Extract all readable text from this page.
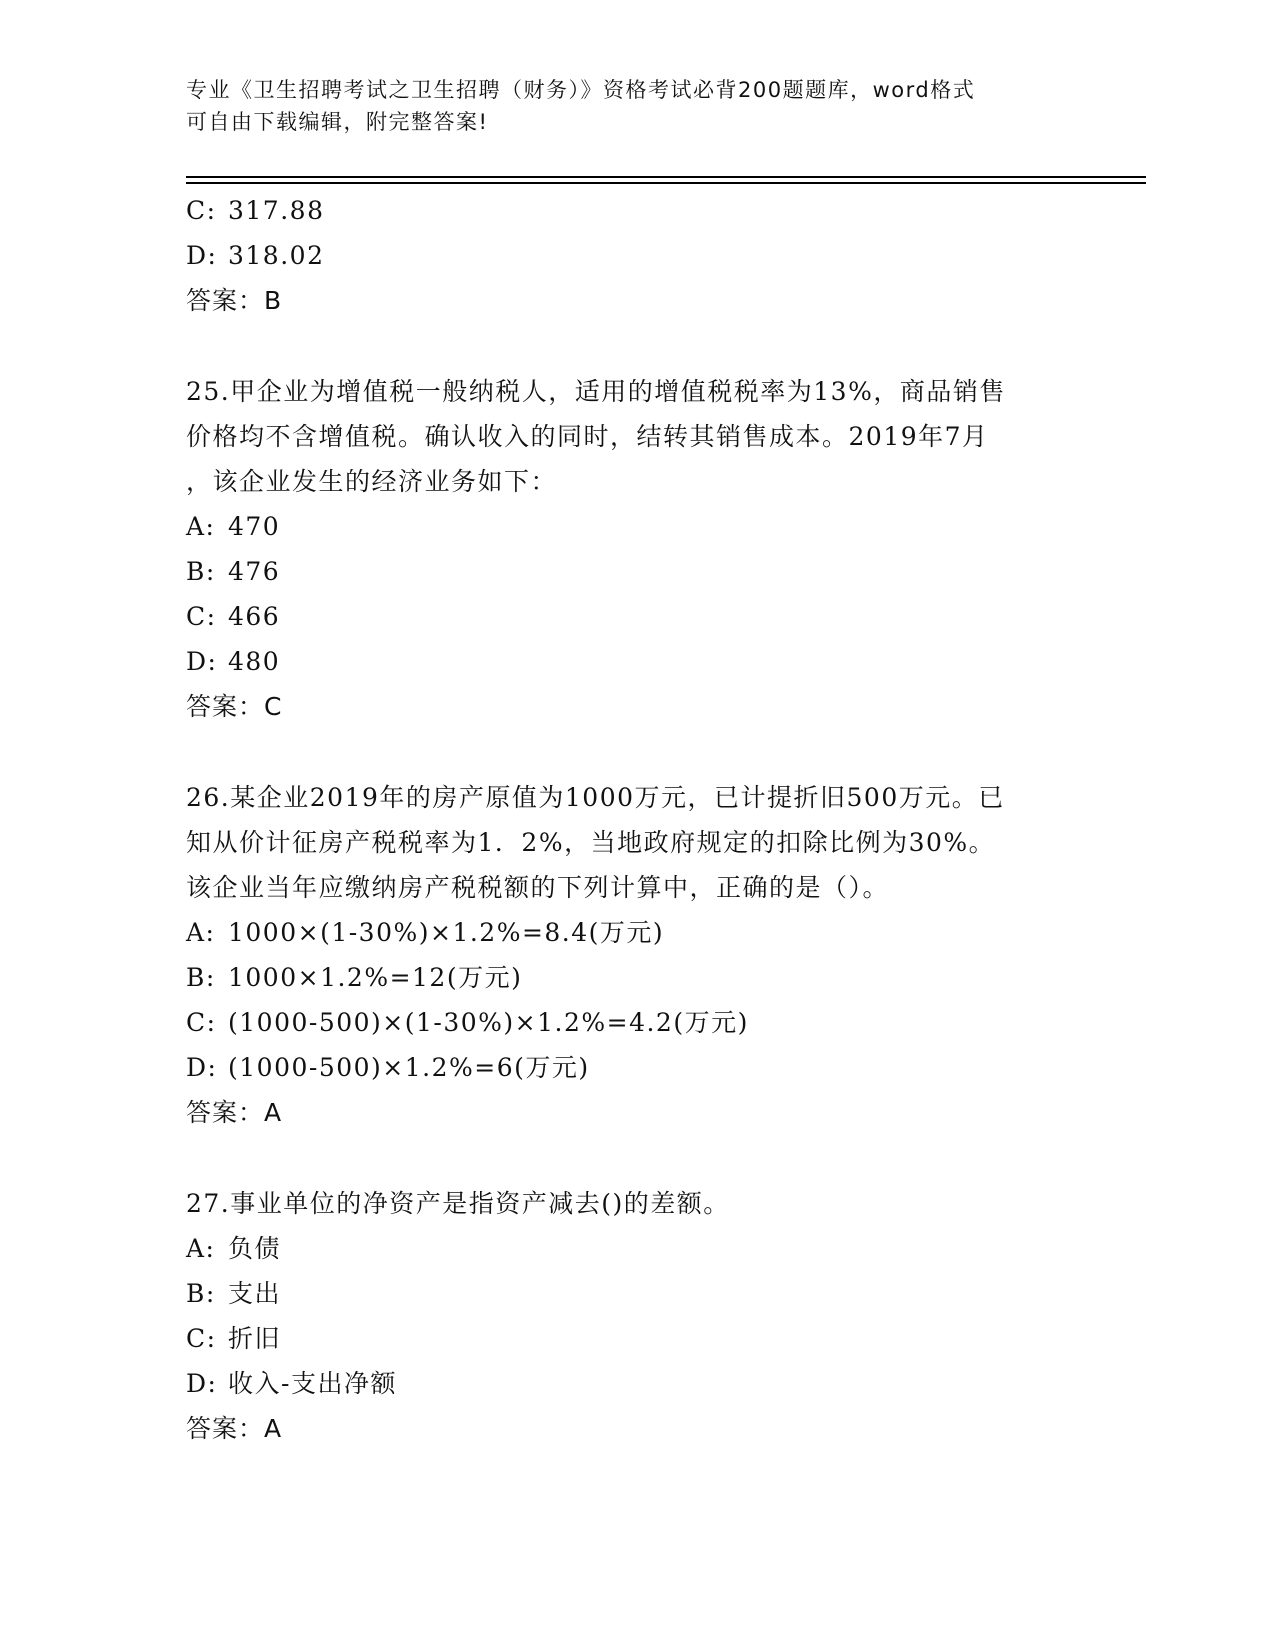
专业《卫生招聘考试之卫生招聘（财务）》资格考试必背200题题库，word格式
可自由下载编辑，附完整答案!
C: 317.88
D: 318.02
答案：B
25.甲企业为增值税一般纳税人，适用的增值税税率为13%，商品销售
价格均不含增值税。确认收入的同时，结转其销售成本。2019年7月
，该企业发生的经济业务如下：
A: 470
B: 476
C: 466
D: 480
答案：C
26.某企业2019年的房产原值为1000万元，已计提折旧500万元。已
知从价计征房产税税率为1．2%，当地政府规定的扣除比例为30%。
该企业当年应缴纳房产税税额的下列计算中，正确的是（）。
A: 1000×(1-30%)×1.2%=8.4(万元)
B: 1000×1.2%=12(万元)
C: (1000-500)×(1-30%)×1.2%=4.2(万元)
D: (1000-500)×1.2%=6(万元)
答案：A
27.事业单位的净资产是指资产减去()的差额。
A: 负债
B: 支出
C: 折旧
D: 收入-支出净额
答案：A
